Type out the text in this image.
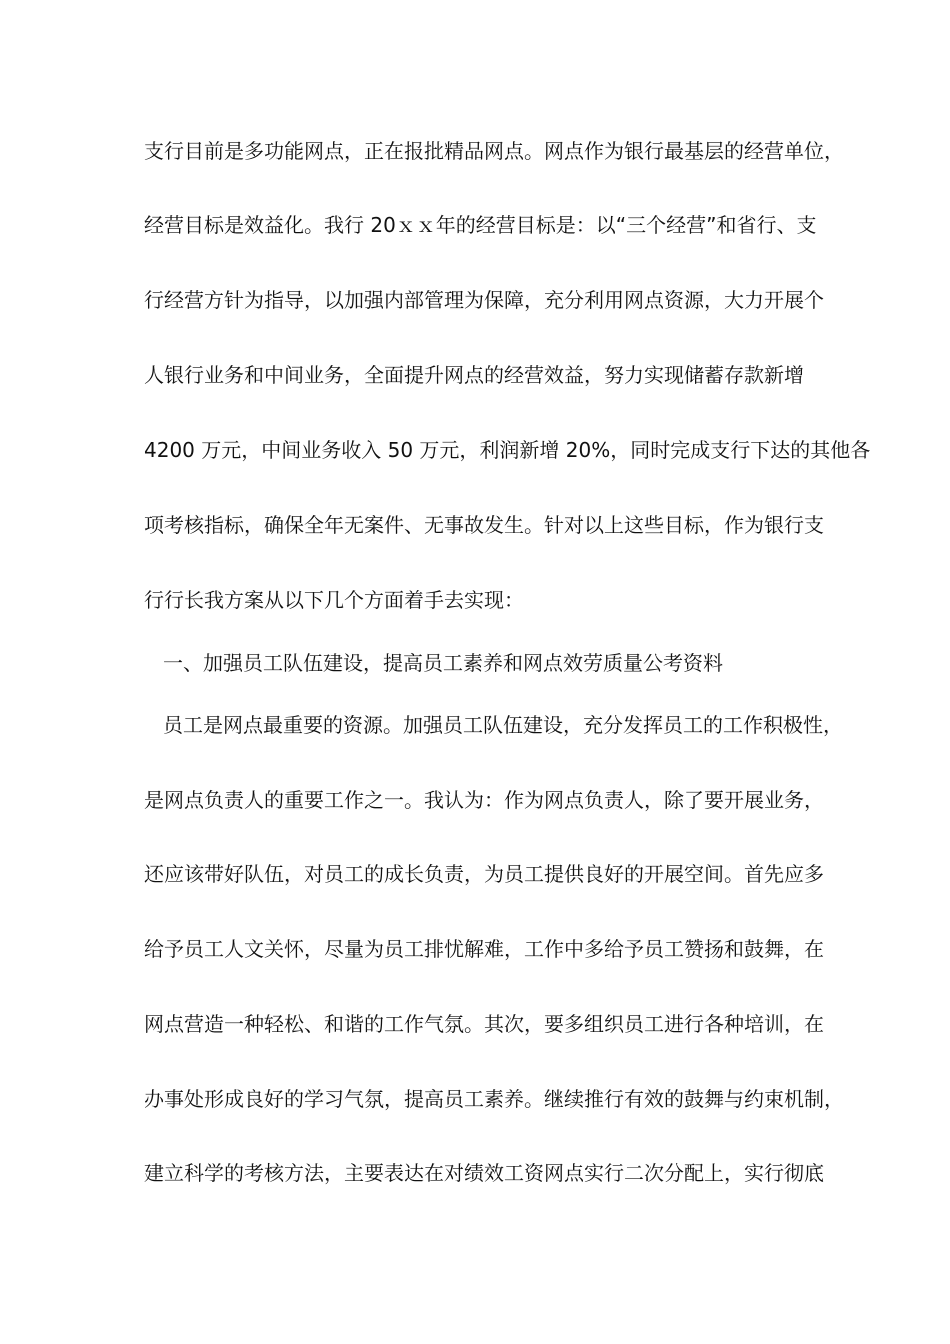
支行目前是多功能网点，正在报批精品网点。网点作为银行最基层的经营单位，
经营目标是效益化。我行 20ｘｘ年的经营目标是：以“三个经营”和省行、支
行经营方针为指导，以加强内部管理为保障，充分利用网点资源，大力开展个
人银行业务和中间业务，全面提升网点的经营效益，努力实现储蓄存款新增
4200 万元，中间业务收入 50 万元，利润新增 20%，同时完成支行下达的其他各
项考核指标，确保全年无案件、无事故发生。针对以上这些目标，作为银行支
行行长我方案从以下几个方面着手去实现：
一、加强员工队伍建设，提高员工素养和网点效劳质量公考资料
员工是网点最重要的资源。加强员工队伍建设，充分发挥员工的工作积极性，
是网点负责人的重要工作之一。我认为：作为网点负责人，除了要开展业务，
还应该带好队伍，对员工的成长负责，为员工提供良好的开展空间。首先应多
给予员工人文关怀，尽量为员工排忧解难，工作中多给予员工赞扬和鼓舞，在
网点营造一种轻松、和谐的工作气氛。其次，要多组织员工进行各种培训，在
办事处形成良好的学习气氛，提高员工素养。继续推行有效的鼓舞与约束机制，
建立科学的考核方法，主要表达在对绩效工资网点实行二次分配上，实行彻底
